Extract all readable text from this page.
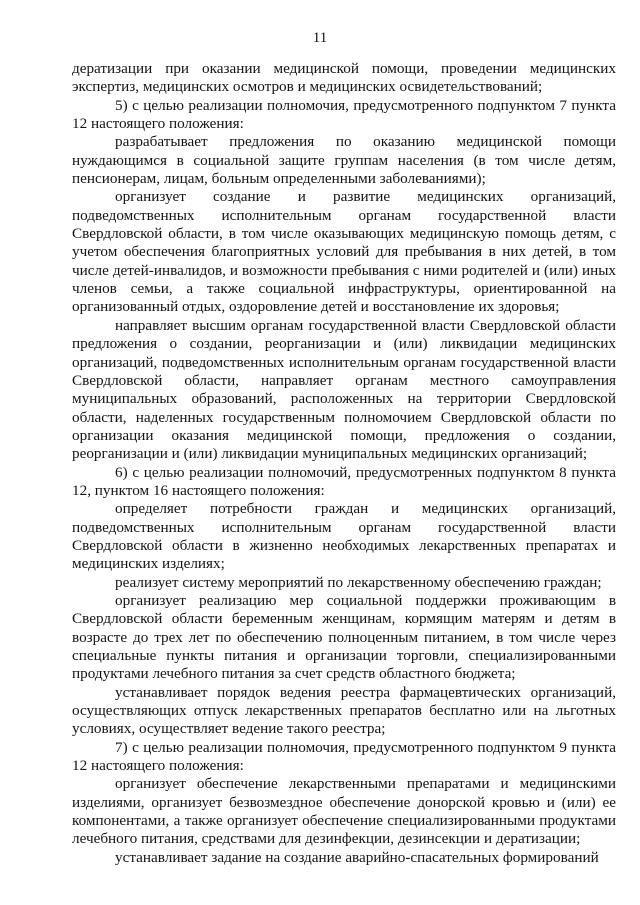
11

дератизации при оказании медицинской помощи, проведении медицинских экспертиз, медицинских осмотров и медицинских освидетельствований;

5) с целью реализации полномочия, предусмотренного подпунктом 7 пункта 12 настоящего положения:

разрабатывает предложения по оказанию медицинской помощи нуждающимся в социальной защите группам населения (в том числе детям, пенсионерам, лицам, больным определенными заболеваниями);

организует создание и развитие медицинских организаций, подведомственных исполнительным органам государственной власти Свердловской области, в том числе оказывающих медицинскую помощь детям, с учетом обеспечения благоприятных условий для пребывания в них детей, в том числе детей-инвалидов, и возможности пребывания с ними родителей и (или) иных членов семьи, а также социальной инфраструктуры, ориентированной на организованный отдых, оздоровление детей и восстановление их здоровья;

направляет высшим органам государственной власти Свердловской области предложения о создании, реорганизации и (или) ликвидации медицинских организаций, подведомственных исполнительным органам государственной власти Свердловской области, направляет органам местного самоуправления муниципальных образований, расположенных на территории Свердловской области, наделенных государственным полномочием Свердловской области по организации оказания медицинской помощи, предложения о создании, реорганизации и (или) ликвидации муниципальных медицинских организаций;

6) с целью реализации полномочий, предусмотренных подпунктом 8 пункта 12, пунктом 16 настоящего положения:

определяет потребности граждан и медицинских организаций, подведомственных исполнительным органам государственной власти Свердловской области в жизненно необходимых лекарственных препаратах и медицинских изделиях;

реализует систему мероприятий по лекарственному обеспечению граждан;

организует реализацию мер социальной поддержки проживающим в Свердловской области беременным женщинам, кормящим матерям и детям в возрасте до трех лет по обеспечению полноценным питанием, в том числе через специальные пункты питания и организации торговли, специализированными продуктами лечебного питания за счет средств областного бюджета;

устанавливает порядок ведения реестра фармацевтических организаций, осуществляющих отпуск лекарственных препаратов бесплатно или на льготных условиях, осуществляет ведение такого реестра;

7) с целью реализации полномочия, предусмотренного подпунктом 9 пункта 12 настоящего положения:

организует обеспечение лекарственными препаратами и медицинскими изделиями, организует безвозмездное обеспечение донорской кровью и (или) ее компонентами, а также организует обеспечение специализированными продуктами лечебного питания, средствами для дезинфекции, дезинсекции и дератизации;

устанавливает задание на создание аварийно-спасательных формирований
